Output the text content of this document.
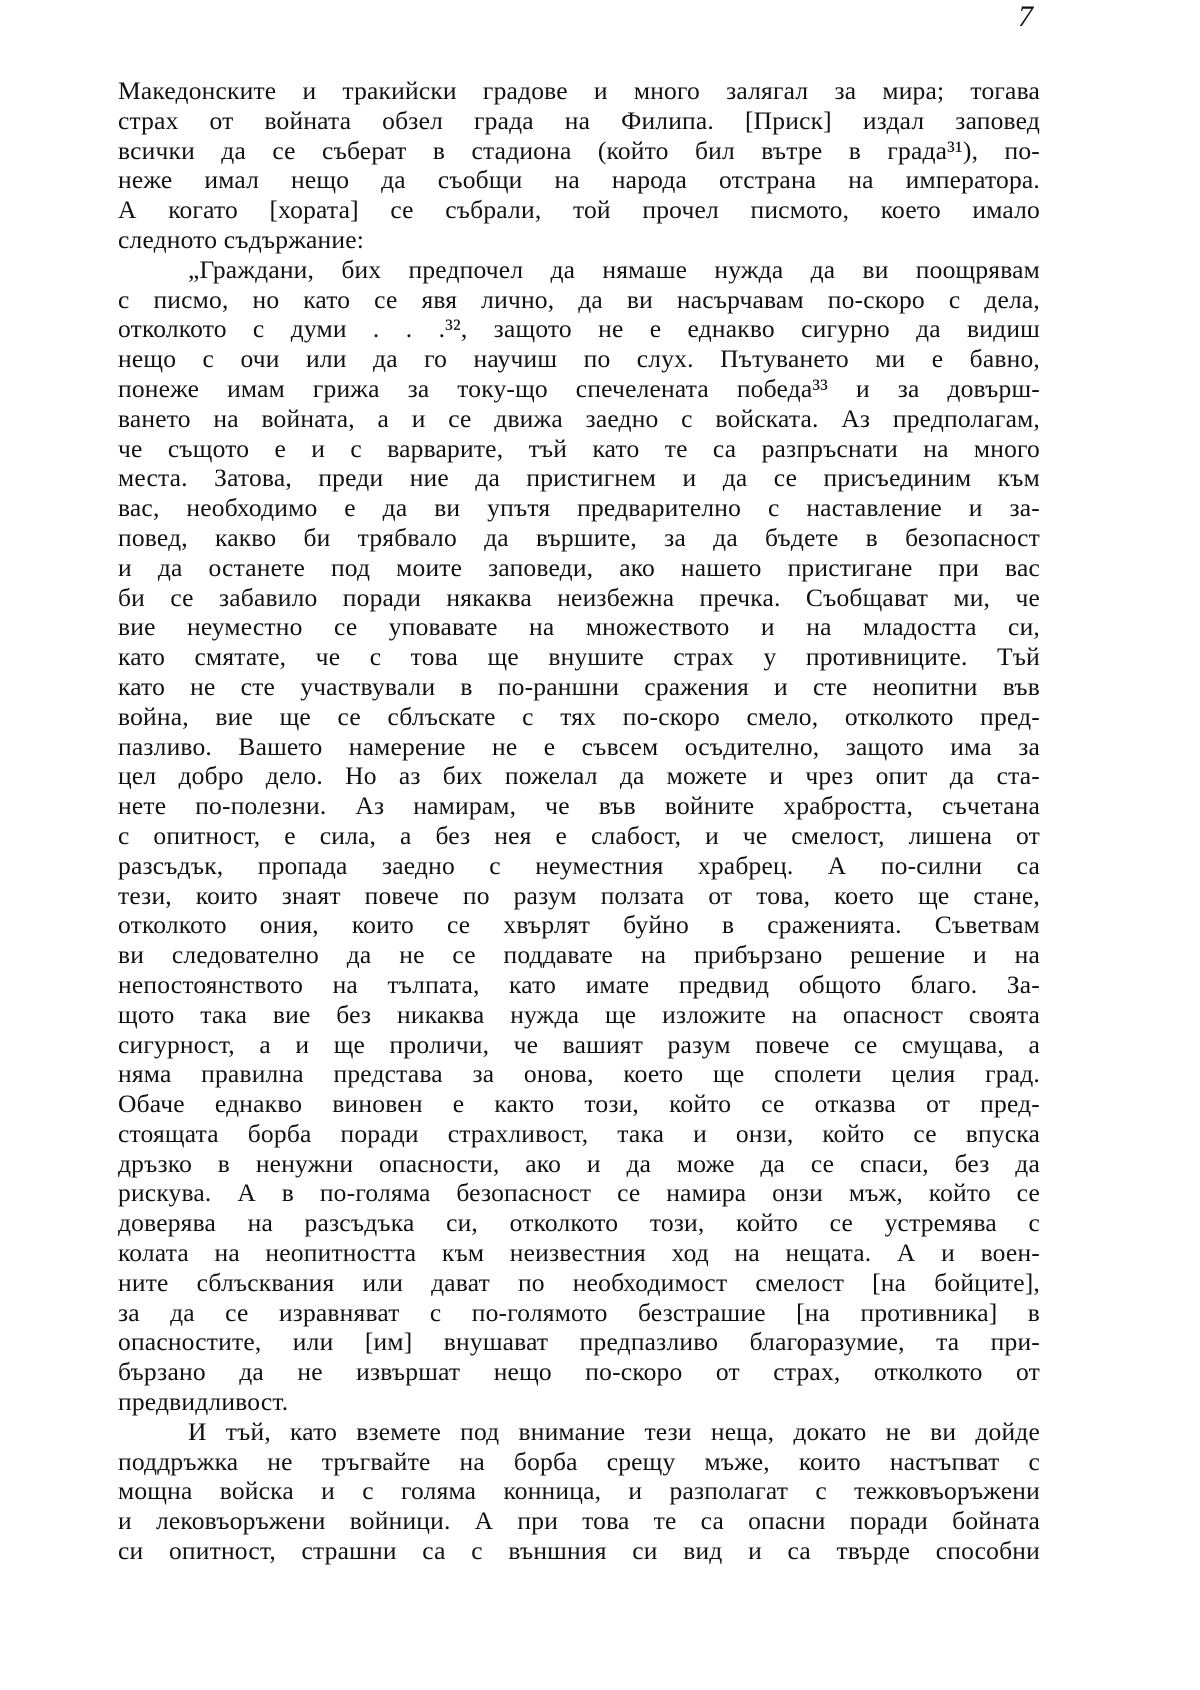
7
Македонските и тракийски градове и много залягал за мира; тогава
страх от войната обзел града на Филипа. [Приск] издал заповед
всички да се съберат в стадиона (който бил вътре в града³¹), по-
неже имал нещо да съобщи на народа отстрана на императора.
А когато [хората] се събрали, той прочел писмото, което имало
следното съдържание:
„Граждани, бих предпочел да нямаше нужда да ви поощрявам
с писмо, но като се явя лично, да ви насърчавам по-скоро с дела,
отколкото с думи . . .³², защото не е еднакво сигурно да видиш
нещо с очи или да го научиш по слух. Пътуването ми е бавно,
понеже имам грижа за току-що спечелената победа³³ и за довърш-
ването на войната, а и се движа заедно с войската. Аз предполагам,
че същото е и с варварите, тъй като те са разпръснати на много
места. Затова, преди ние да пристигнем и да се присъединим към
вас, необходимо е да ви упътя предварително с наставление и за-
повед, какво би трябвало да вършите, за да бъдете в безопасност
и да останете под моите заповеди, ако нашето пристигане при вас
би се забавило поради някаква неизбежна пречка. Съобщават ми, че
вие неуместно се уповавате на множеството и на младостта си,
като смятате, че с това ще внушите страх у противниците. Тъй
като не сте участвували в по-раншни сражения и сте неопитни във
война, вие ще се сблъскате с тях по-скоро смело, отколкото пред-
пазливо. Вашето намерение не е съвсем осъдително, защото има за
цел добро дело. Но аз бих пожелал да можете и чрез опит да ста-
нете по-полезни. Аз намирам, че във войните храбростта, съчетана
с опитност, е сила, а без нея е слабост, и че смелост, лишена от
разсъдък, пропада заедно с неуместния храбрец. А по-силни са
тези, които знаят повече по разум ползата от това, което ще стане,
отколкото ония, които се хвърлят буйно в сраженията. Съветвам
ви следователно да не се поддавате на прибързано решение и на
непостоянството на тълпата, като имате предвид общото благо. За-
щото така вие без никаква нужда ще изложите на опасност своята
сигурност, а и ще проличи, че вашият разум повече се смущава, а
няма правилна представа за онова, което ще сполети целия град.
Обаче еднакво виновен е както този, който се отказва от пред-
стоящата борба поради страхливост, така и онзи, който се впуска
дръзко в ненужни опасности, ако и да може да се спаси, без да
рискува. А в по-голяма безопасност се намира онзи мъж, който се
доверява на разсъдъка си, отколкото този, който се устремява с
колата на неопитността към неизвестния ход на нещата. А и воен-
ните сблъсквания или дават по необходимост смелост [на бойците],
за да се изравняват с по-голямото безстрашие [на противника] в
опасностите, или [им] внушават предпазливо благоразумие, та при-
бързано да не извършат нещо по-скоро от страх, отколкото от
предвидливост.
И тъй, като вземете под внимание тези неща, докато не ви дойде
поддръжка не тръгвайте на борба срещу мъже, които настъпват с
мощна войска и с голяма конница, и разполагат с тежковъоръжени
и лековъоръжени войници. А при това те са опасни поради бойната
си опитност, страшни са с външния си вид и са твърде способни
